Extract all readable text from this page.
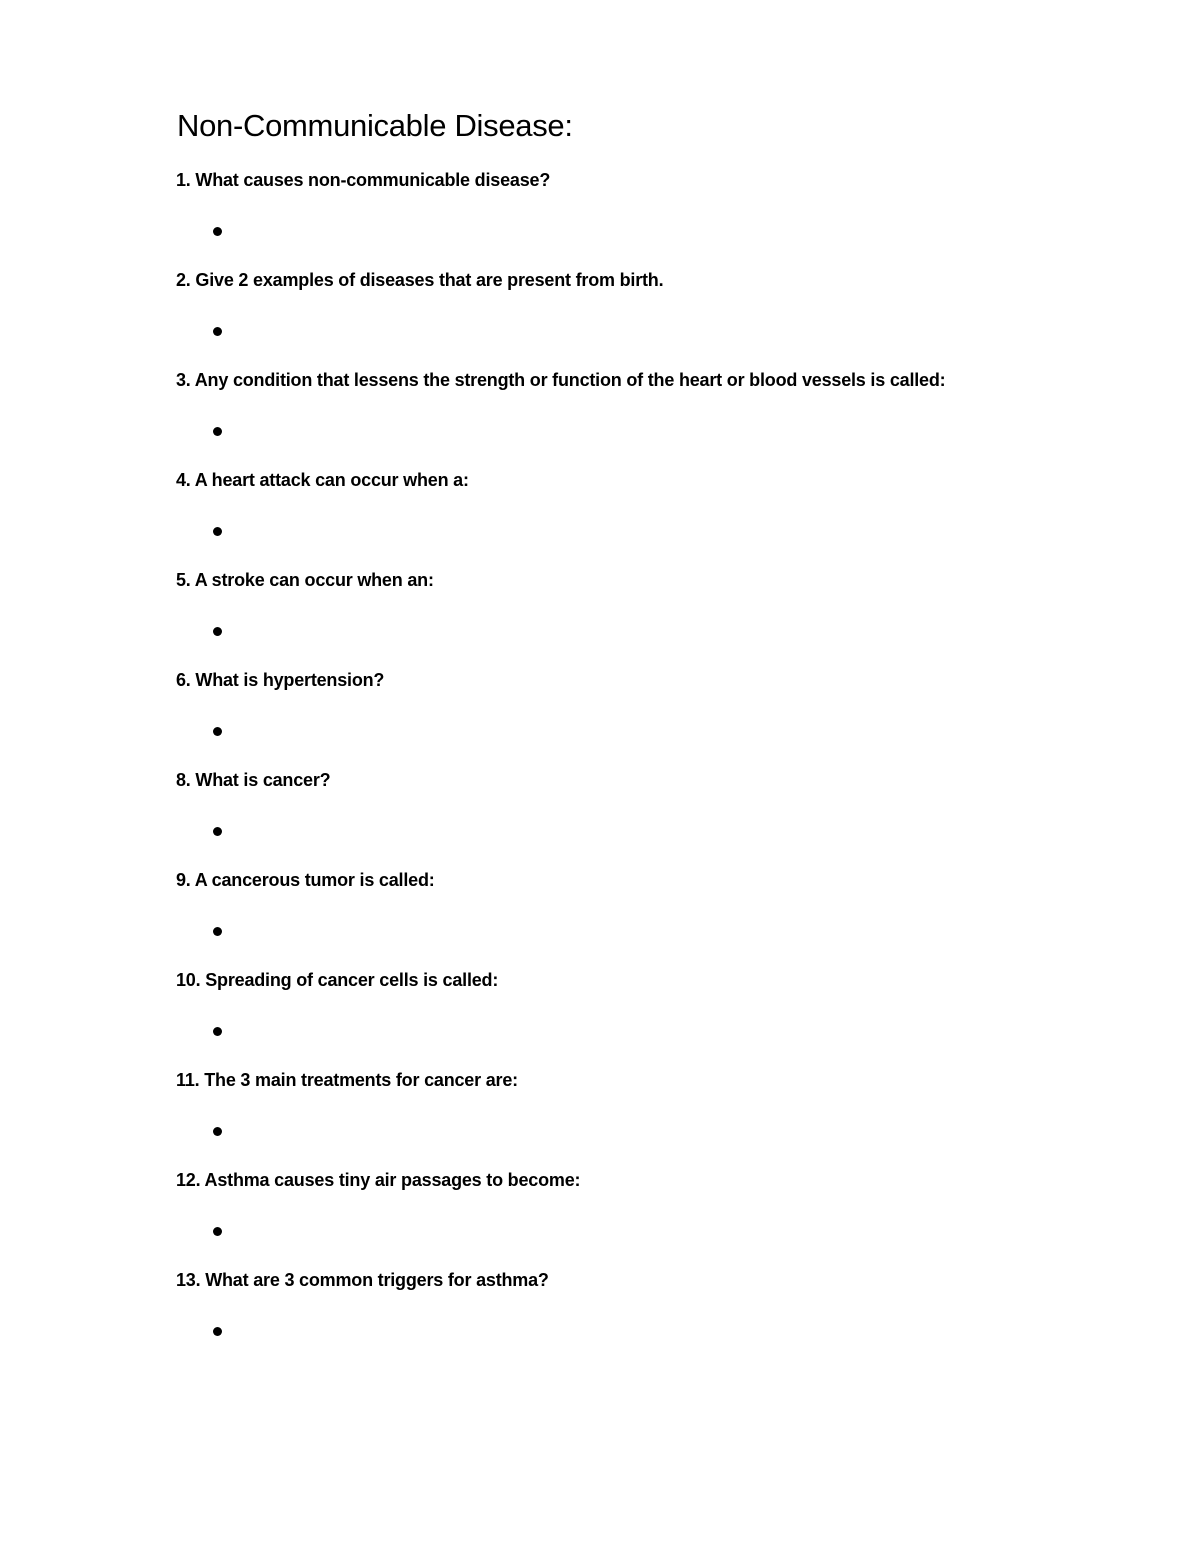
Non-Communicable Disease:
1. What causes non-communicable disease?
2. Give 2 examples of diseases that are present from birth.
3. Any condition that lessens the strength or function of the heart or blood vessels is called:
4. A heart attack can occur when a:
5. A stroke can occur when an:
6. What is hypertension?
8. What is cancer?
9. A cancerous tumor is called:
10. Spreading of cancer cells is called:
11. The 3 main treatments for cancer are:
12. Asthma causes tiny air passages to become:
13. What are 3 common triggers for asthma?
